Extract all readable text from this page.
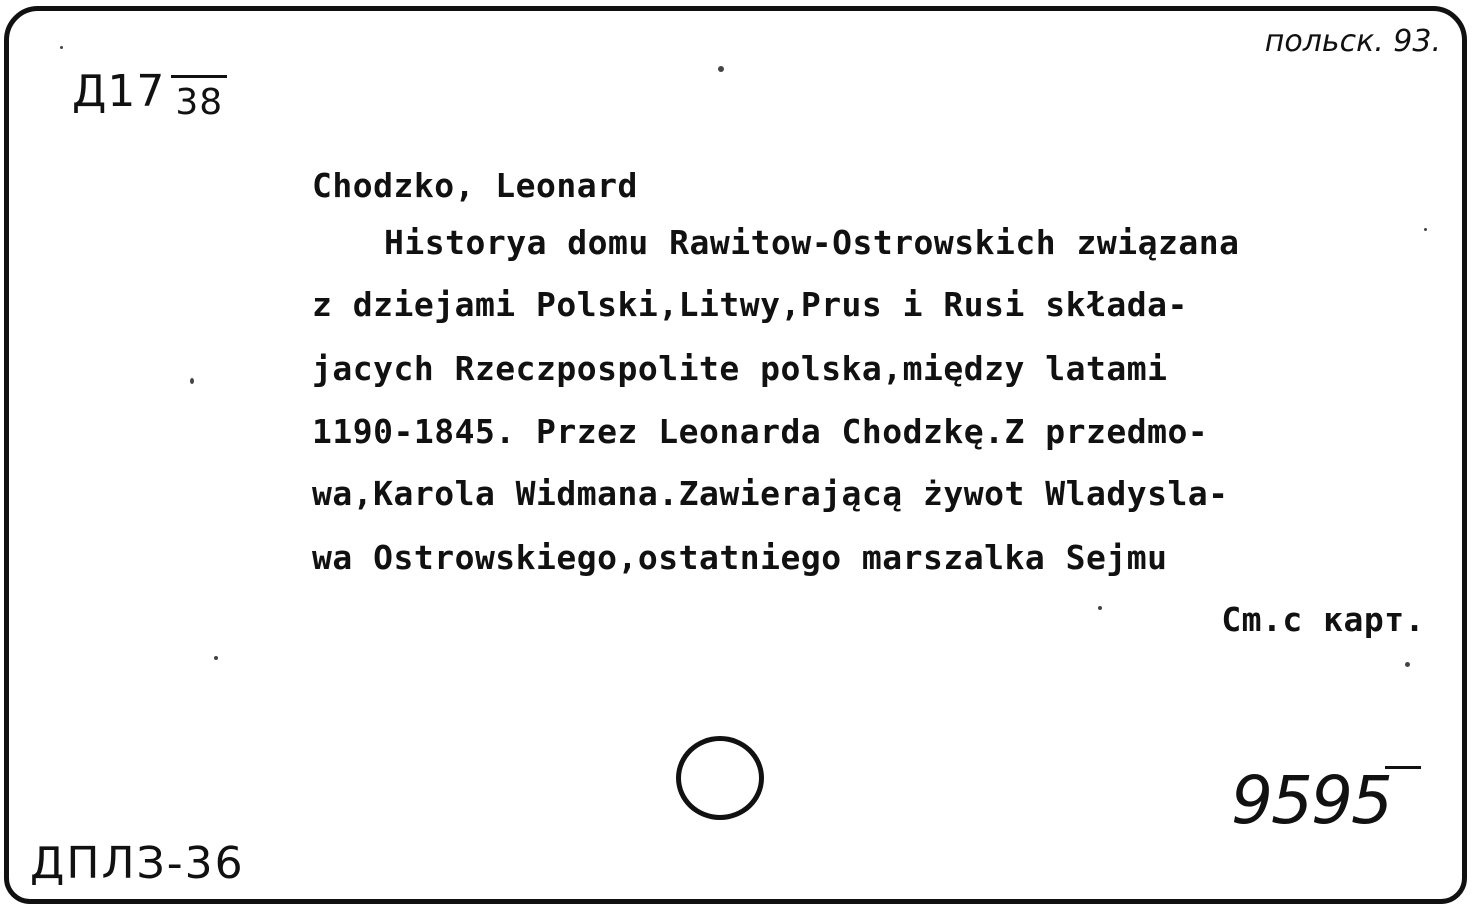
Д17 38
польск. 93.
Chodzko, Leonard
Historya domu Rawitow-Ostrowskich związana
z dziejami Polski,Litwy,Prus i Rusi składa-
jacych Rzeczpospolite polska,między latami
1190-1845. Przez Leonarda Chodzkę.Z przedmo-
wa,Karola Widmana.Zawierającą żywot Wladysla-
wa Ostrowskiego,ostatniego marszalka Sejmu
Cm.c карт.
9595
ДПЛЗ-36
